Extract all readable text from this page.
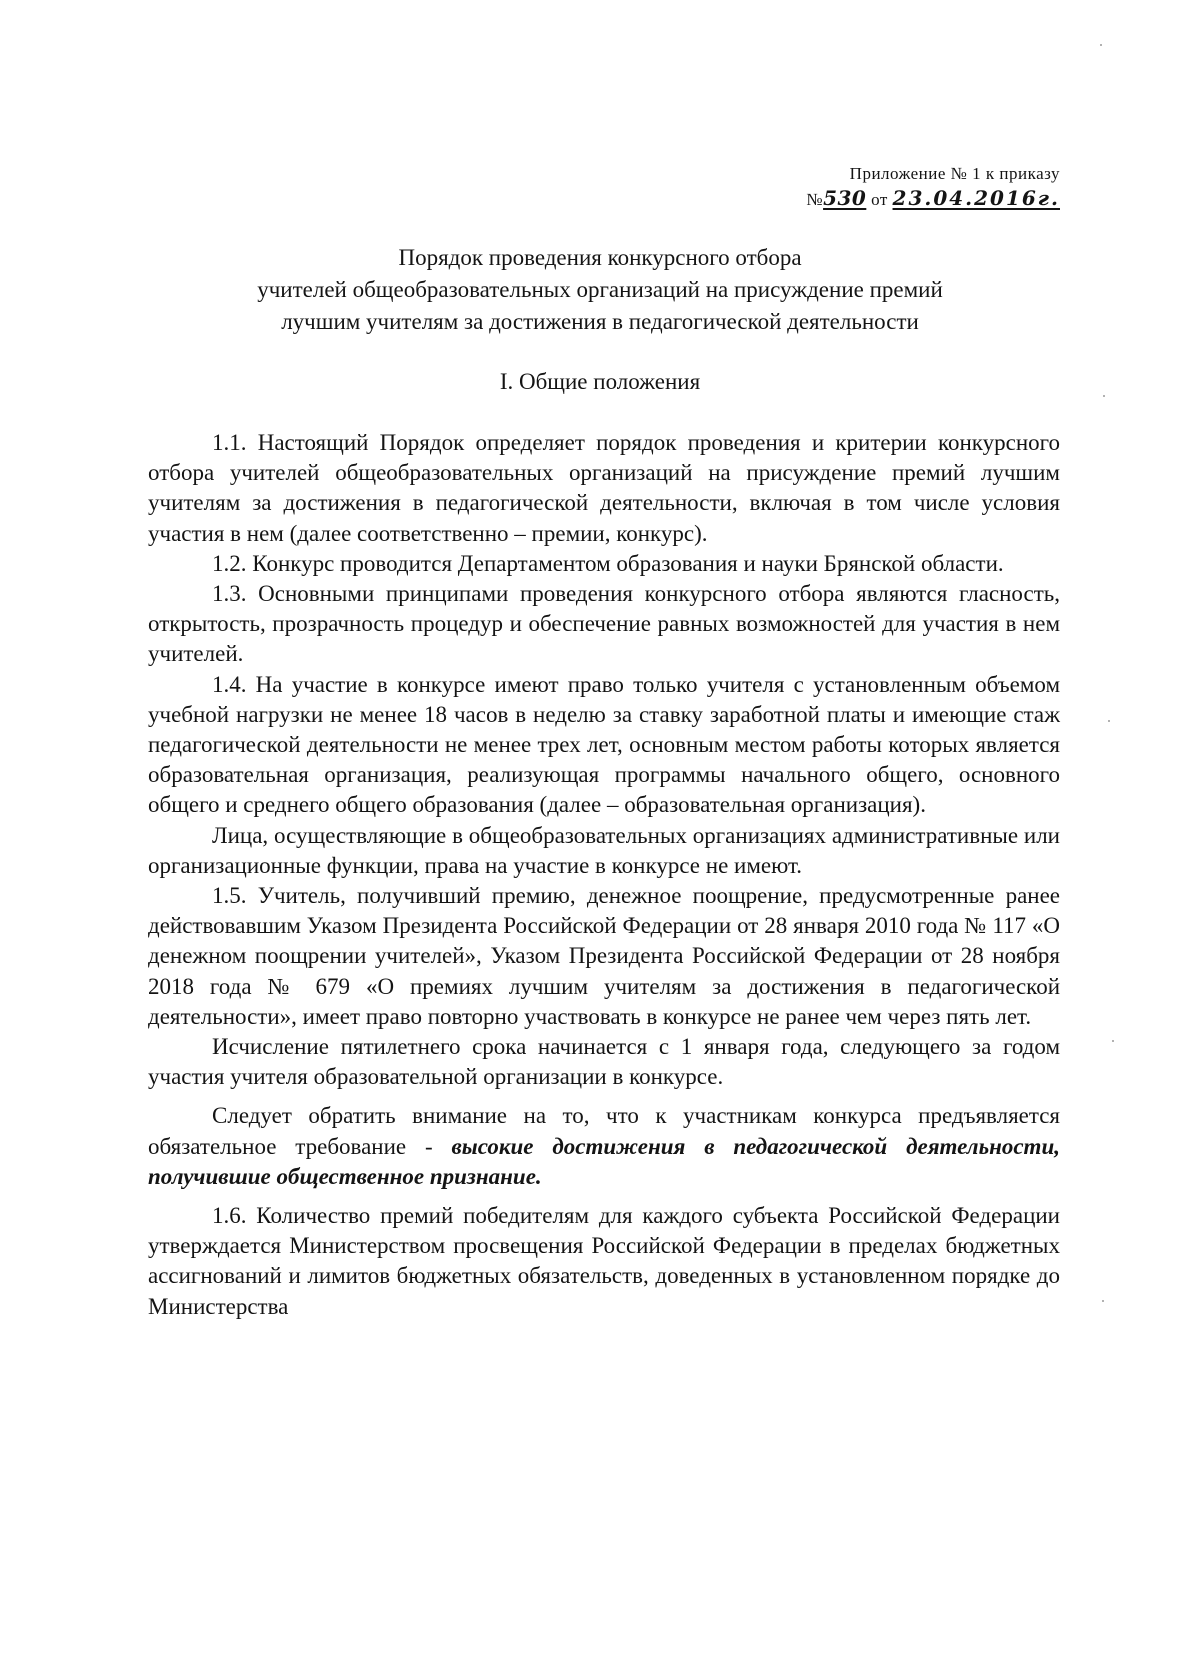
Приложение № 1 к приказу
№530 от 23.04.2016г.
Порядок проведения конкурсного отбора
учителей общеобразовательных организаций на присуждение премий
лучшим учителям за достижения в педагогической деятельности
I. Общие положения

1.1. Настоящий Порядок определяет порядок проведения и критерии конкурсного отбора учителей общеобразовательных организаций на присуждение премий лучшим учителям за достижения в педагогической деятельности, включая в том числе условия участия в нем (далее соответственно – премии, конкурс).

1.2. Конкурс проводится Департаментом образования и науки Брянской области.

1.3. Основными принципами проведения конкурсного отбора являются гласность, открытость, прозрачность процедур и обеспечение равных возможностей для участия в нем учителей.

1.4. На участие в конкурсе имеют право только учителя с установленным объемом учебной нагрузки не менее 18 часов в неделю за ставку заработной платы и имеющие стаж педагогической деятельности не менее трех лет, основным местом работы которых является образовательная организация, реализующая программы начального общего, основного общего и среднего общего образования (далее – образовательная организация).

Лица, осуществляющие в общеобразовательных организациях административные или организационные функции, права на участие в конкурсе не имеют.

1.5. Учитель, получивший премию, денежное поощрение, предусмотренные ранее действовавшим Указом Президента Российской Федерации от 28 января 2010 года № 117 «О денежном поощрении учителей», Указом Президента Российской Федерации от 28 ноября 2018 года № 679 «О премиях лучшим учителям за достижения в педагогической деятельности», имеет право повторно участвовать в конкурсе не ранее чем через пять лет.

Исчисление пятилетнего срока начинается с 1 января года, следующего за годом участия учителя образовательной организации в конкурсе.

Следует обратить внимание на то, что к участникам конкурса предъявляется обязательное требование - высокие достижения в педагогической деятельности, получившие общественное признание.

1.6. Количество премий победителям для каждого субъекта Российской Федерации утверждается Министерством просвещения Российской Федерации в пределах бюджетных ассигнований и лимитов бюджетных обязательств, доведенных в установленном порядке до Министерства
